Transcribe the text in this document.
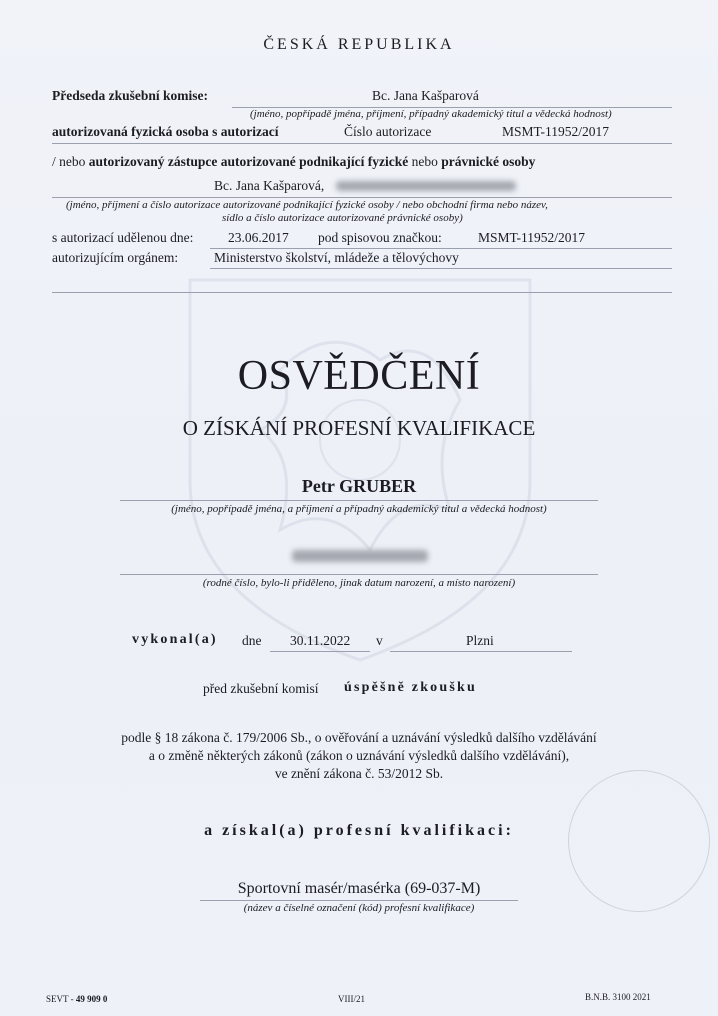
ČESKÁ REPUBLIKA
Předseda zkušební komise:	Bc. Jana Kašparová
(jméno, popřípadě jména, příjmení, případný akademický titul a vědecká hodnost)
autorizovaná fyzická osoba s autorizací	Číslo autorizace	MSMT-11952/2017
/ nebo autorizovaný zástupce autorizované podnikající fyzické nebo právnické osoby
Bc. Jana Kašparová,
(jméno, příjmení a číslo autorizace autorizované podnikající fyzické osoby / nebo obchodní firma nebo název,
sídlo a číslo autorizace autorizované právnické osoby)
s autorizací udělenou dne:	23.06.2017 pod spisovou značkou:	MSMT-11952/2017
autorizujícím orgánem:	Ministerstvo školství, mládeže a tělovýchovy
OSVĚDČENÍ
O ZÍSKÁNÍ PROFESNÍ KVALIFIKACE
Petr GRUBER
(jméno, popřípadě jména, a příjmení a případný akademický titul a vědecká hodnost)
(rodné číslo, bylo-li přiděleno, jinak datum narození, a místo narození)
vykonal(a) dne 30.11.2022 v	Plzni
před zkušební komisí úspěšně zkoušku
podle § 18 zákona č. 179/2006 Sb., o ověřování a uznávání výsledků dalšího vzdělávání
a o změně některých zákonů (zákon o uznávání výsledků dalšího vzdělávání),
ve znění zákona č. 53/2012 Sb.
a získal(a) profesní kvalifikaci:
Sportovní masér/masérka (69-037-M)
(název a číselné označení (kód) profesní kvalifikace)
SEVT - 49 909 0	VIII/21	B.N.B. 3100 2021
